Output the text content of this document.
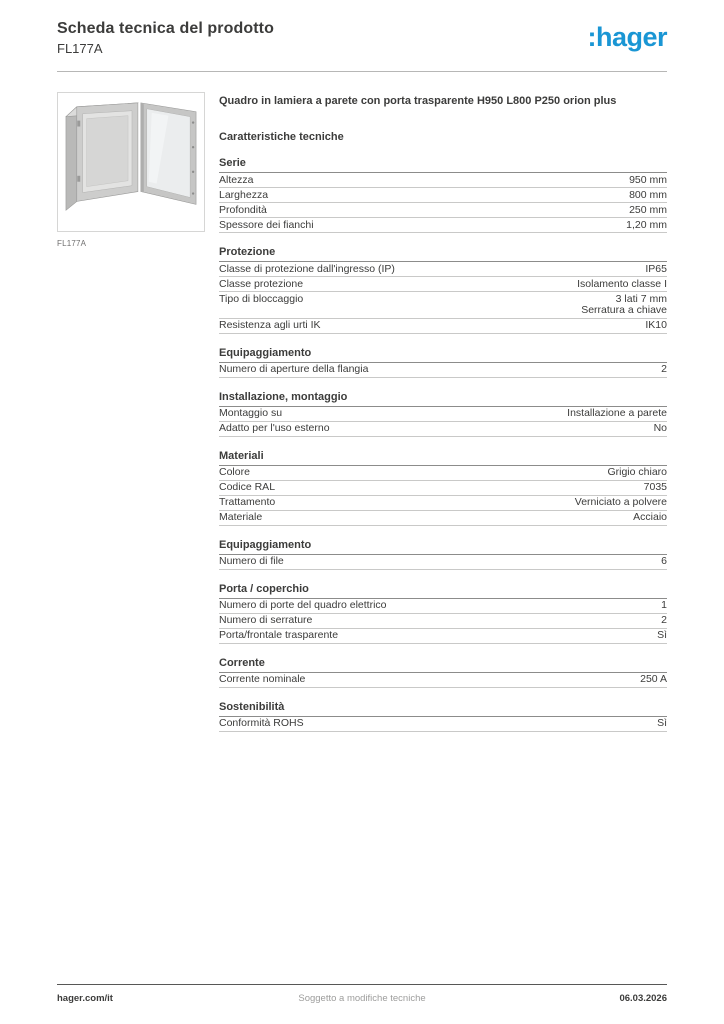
Scheda tecnica del prodotto
FL177A	:hager
FL177A

Quadro in lamiera a parete con porta trasparente H950 L800 P250 orion plus

Caratteristiche tecniche
Serie
Altezza	950 mm
Larghezza	800 mm
Profondità	250 mm
Spessore dei fianchi	1,20 mm
Protezione
Classe di protezione dall'ingresso (IP)	IP65
Classe protezione	Isolamento classe I
Tipo di bloccaggio	3 lati 7 mm
Serratura a chiave
Resistenza agli urti IK	IK10
Equipaggiamento
Numero di aperture della flangia	2
Installazione, montaggio
Montaggio su	Installazione a parete
Adatto per l'uso esterno	No
Materiali
Colore	Grigio chiaro
Codice RAL	7035
Trattamento	Verniciato a polvere
Materiale	Acciaio
Equipaggiamento
Numero di file	6
Porta / coperchio
Numero di porte del quadro elettrico	1
Numero di serrature	2
Porta/frontale trasparente	Sì
Corrente
Corrente nominale	250 A
Sostenibilità
Conformità ROHS	Sì
hager.com/it	Soggetto a modifiche tecniche	06.03.2026
